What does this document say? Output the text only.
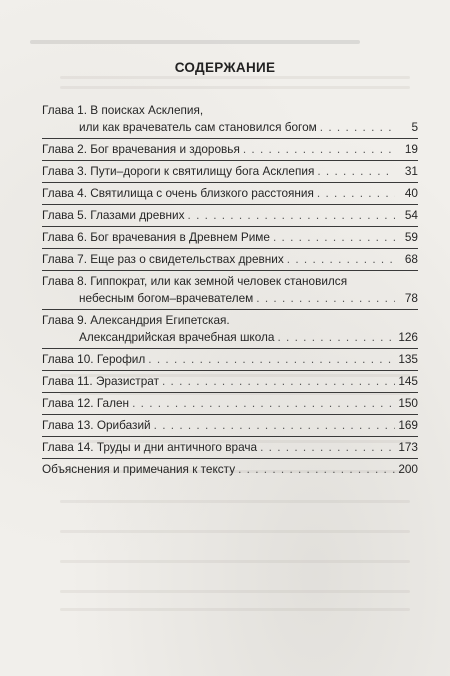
СОДЕРЖАНИЕ
Глава 1. В поисках Асклепия,
или как врачеватель сам становился богом . . .	5
Глава 2. Бог врачевания и здоровья . . .	19
Глава 3. Пути–дороги к святилищу бога Асклепия . . .	31
Глава 4. Святилища с очень близкого расстояния . . .	40
Глава 5. Глазами древних . . .	54
Глава 6. Бог врачевания в Древнем Риме . . .	59
Глава 7. Еще раз о свидетельствах древних . . .	68
Глава 8. Гиппократ, или как земной человек становился
небесным богом–врачевателем . . .	78
Глава 9. Александрия Египетская.
Александрийская врачебная школа . . .	126
Глава 10. Герофил . . .	135
Глава 11. Эразистрат . . .	145
Глава 12. Гален . . .	150
Глава 13. Орибазий . . .	169
Глава 14. Труды и дни античного врача . . .	173
Объяснения и примечания к тексту . . .	200
